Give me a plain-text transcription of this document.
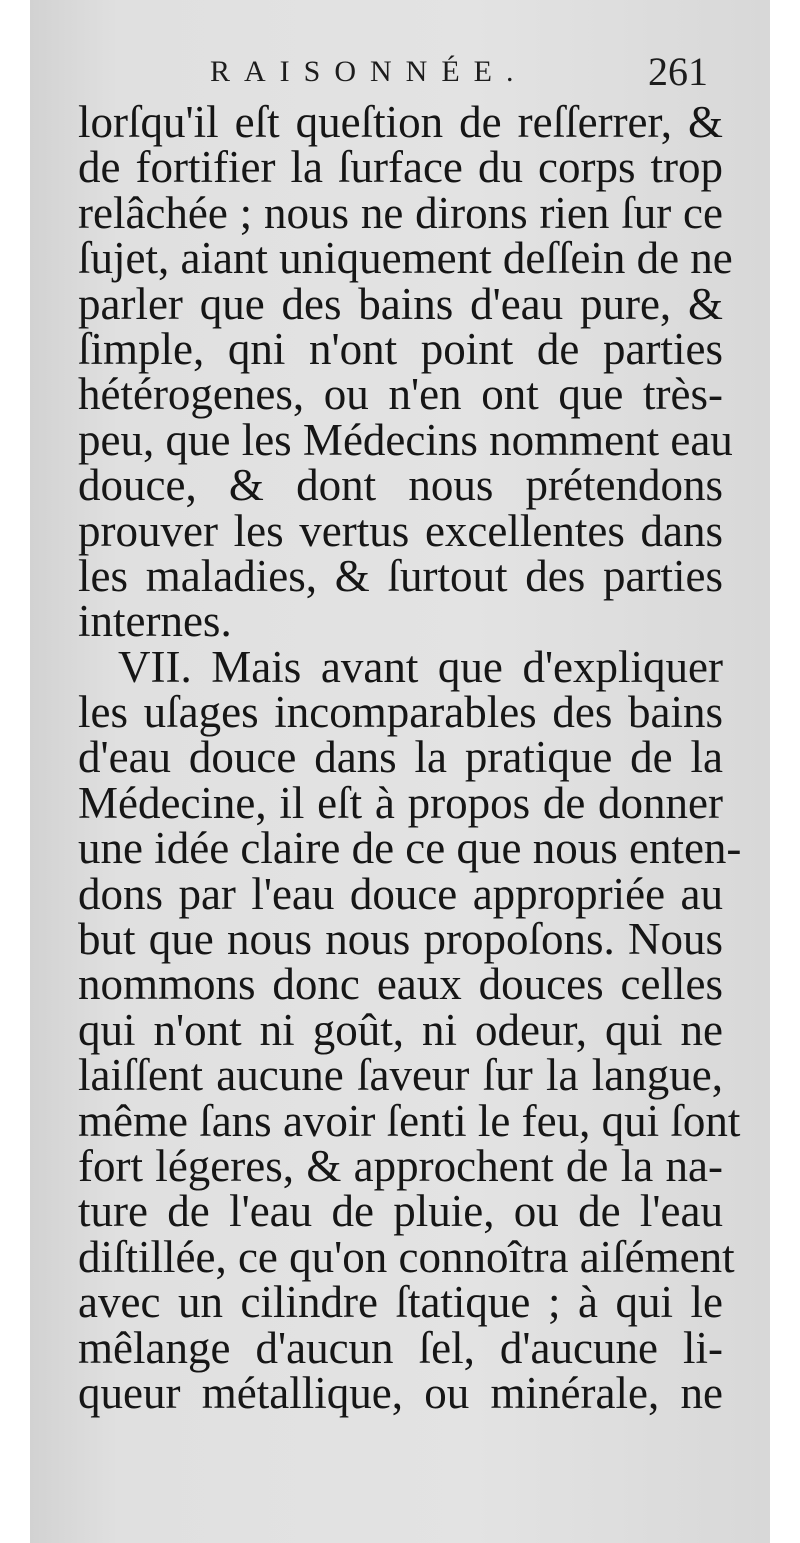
RAISONNÉE.	261
lorſqu'il eſt queſtion de reſſerrer, &
de fortifier la ſurface du corps trop
relâchée ; nous ne dirons rien ſur ce
ſujet, aiant uniquement deſſein de ne
parler que des bains d'eau pure, &
ſimple, qni n'ont point de parties
hétérogenes, ou n'en ont que très-
peu, que les Médecins nomment eau
douce, & dont nous prétendons
prouver les vertus excellentes dans
les maladies, & ſurtout des parties
internes.
VII. Mais avant que d'expliquer
les uſages incomparables des bains
d'eau douce dans la pratique de la
Médecine, il eſt à propos de donner
une idée claire de ce que nous enten-
dons par l'eau douce appropriée au
but que nous nous propoſons. Nous
nommons donc eaux douces celles
qui n'ont ni goût, ni odeur, qui ne
laiſſent aucune ſaveur ſur la langue,
même ſans avoir ſenti le feu, qui ſont
fort légeres, & approchent de la na-
ture de l'eau de pluie, ou de l'eau
diſtillée, ce qu'on connoîtra aiſément
avec un cilindre ſtatique ; à qui le
mêlange d'aucun ſel, d'aucune li-
queur métallique, ou minérale, ne
